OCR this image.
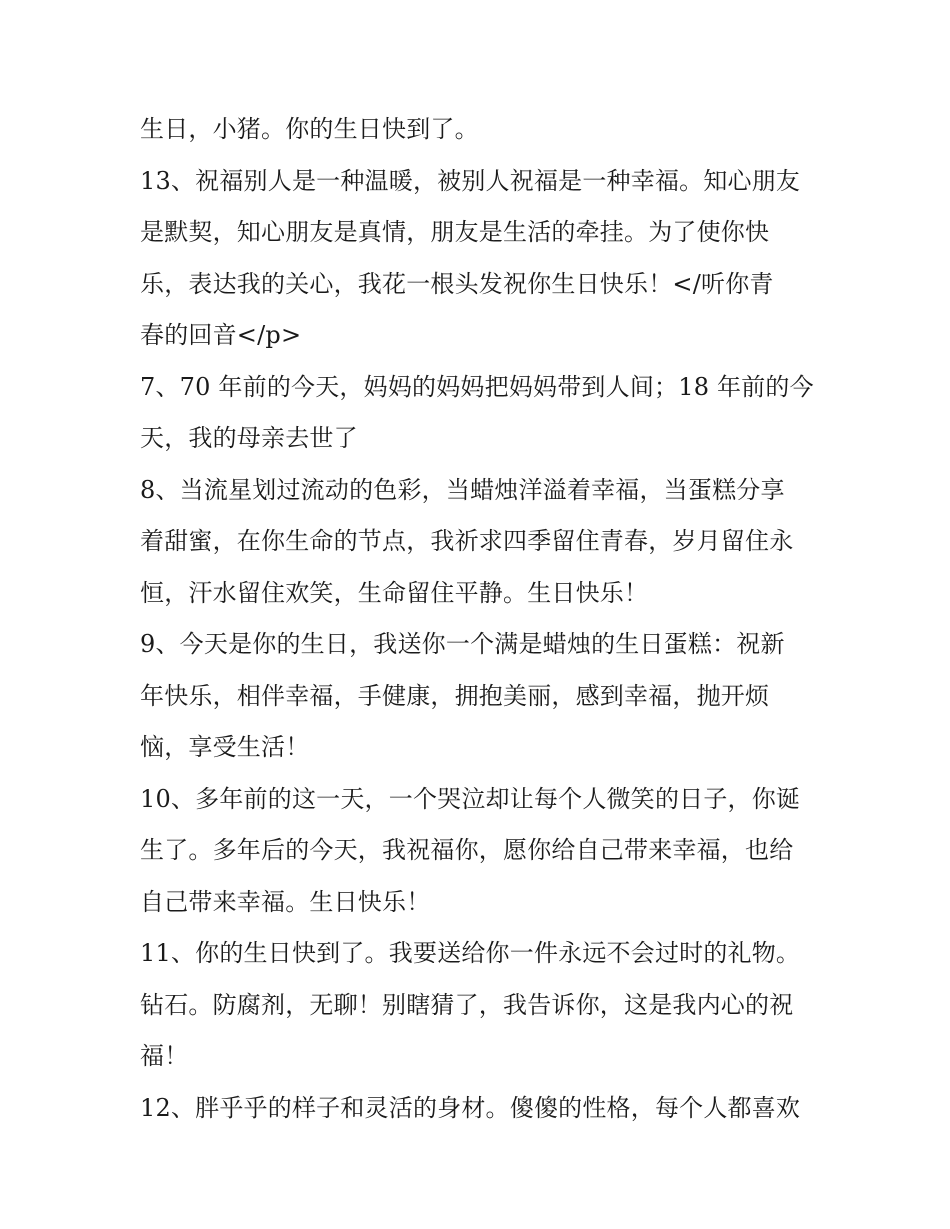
生日，小猪。你的生日快到了。
13、祝福别人是一种温暖，被别人祝福是一种幸福。知心朋友
是默契，知心朋友是真情，朋友是生活的牵挂。为了使你快
乐，表达我的关心，我花一根头发祝你生日快乐！</听你青
春的回音</p>
7、70 年前的今天，妈妈的妈妈把妈妈带到人间；18 年前的今
天，我的母亲去世了
8、当流星划过流动的色彩，当蜡烛洋溢着幸福，当蛋糕分享
着甜蜜，在你生命的节点，我祈求四季留住青春，岁月留住永
恒，汗水留住欢笑，生命留住平静。生日快乐！
9、今天是你的生日，我送你一个满是蜡烛的生日蛋糕：祝新
年快乐，相伴幸福，手健康，拥抱美丽，感到幸福，抛开烦
恼，享受生活！
10、多年前的这一天，一个哭泣却让每个人微笑的日子，你诞
生了。多年后的今天，我祝福你，愿你给自己带来幸福，也给
自己带来幸福。生日快乐！
11、你的生日快到了。我要送给你一件永远不会过时的礼物。
钻石。防腐剂，无聊！别瞎猜了，我告诉你，这是我内心的祝
福！
12、胖乎乎的样子和灵活的身材。傻傻的性格，每个人都喜欢
